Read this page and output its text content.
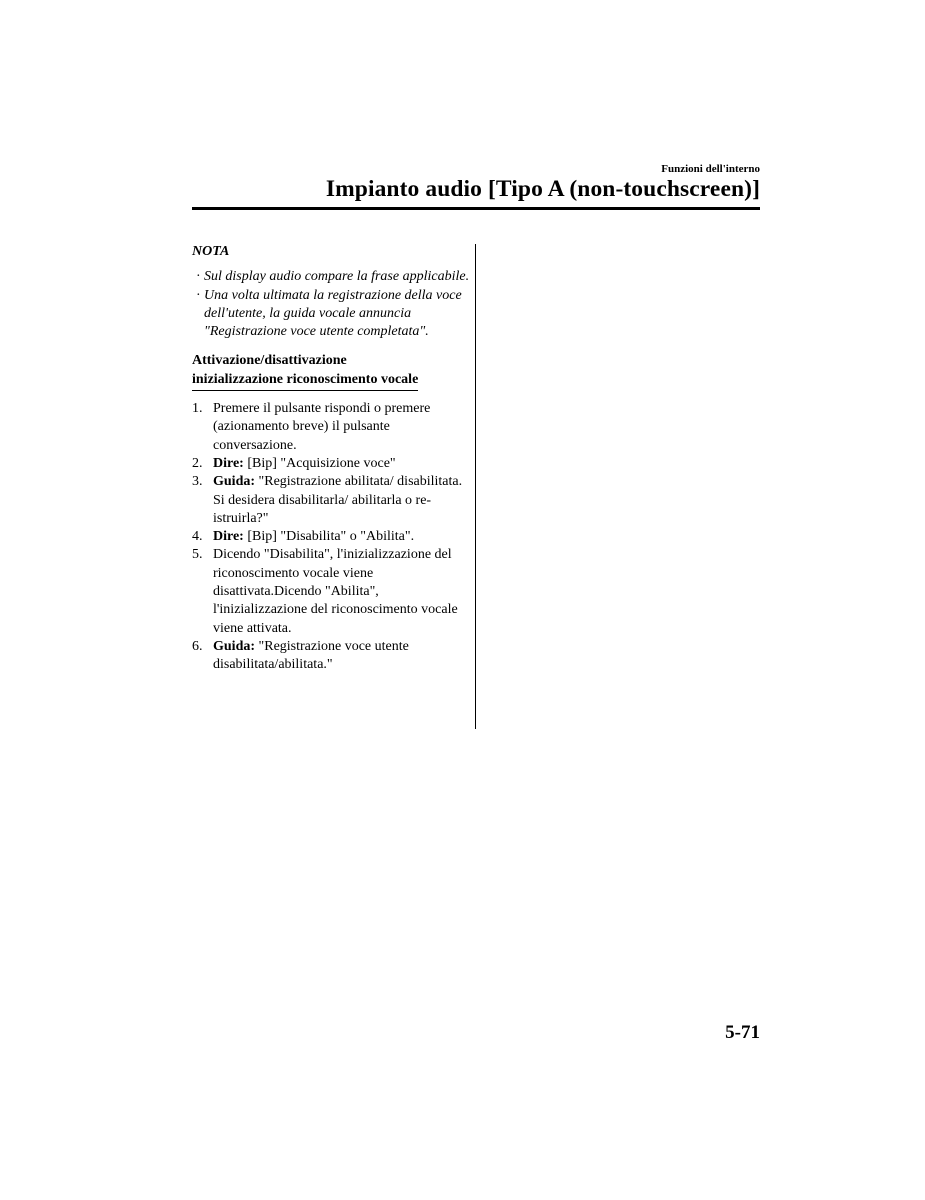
Funzioni dell'interno
Impianto audio [Tipo A (non-touchscreen)]
NOTA
· Sul display audio compare la frase applicabile.
· Una volta ultimata la registrazione della voce dell'utente, la guida vocale annuncia "Registrazione voce utente completata".
Attivazione/disattivazione
inizializzazione riconoscimento vocale
1. Premere il pulsante rispondi o premere (azionamento breve) il pulsante conversazione.
2. Dire: [Bip] "Acquisizione voce"
3. Guida: "Registrazione abilitata/ disabilitata. Si desidera disabilitarla/ abilitarla o re-istruirla?"
4. Dire: [Bip] "Disabilita" o "Abilita".
5. Dicendo "Disabilita", l'inizializzazione del riconoscimento vocale viene disattivata.Dicendo "Abilita", l'inizializzazione del riconoscimento vocale viene attivata.
6. Guida: "Registrazione voce utente disabilitata/abilitata."
5-71
